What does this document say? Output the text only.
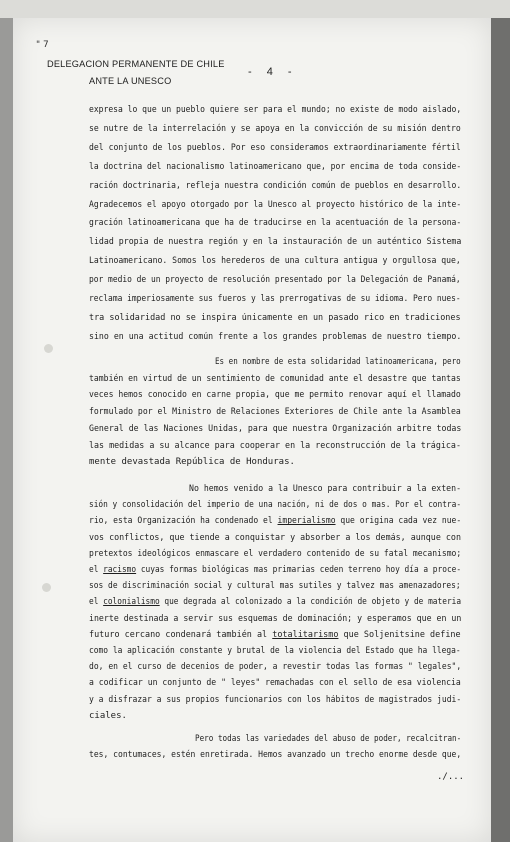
" 7
DELEGACION PERMANENTE DE CHILE
ANTE LA UNESCO
- 4 -
expresa lo que un pueblo quiere ser para el mundo; no existe de modo aislado,
se nutre de la interrelación y se apoya en la convicción de su misión dentro
del conjunto de los pueblos. Por eso consideramos extraordinariamente fértil
la doctrina del nacionalismo latinoamericano que, por encima de toda conside-
ración doctrinaria, refleja nuestra condición común de pueblos en desarrollo.
Agradecemos el apoyo otorgado por la Unesco al proyecto histórico de la inte-
gración latinoamericana que ha de traducirse en la acentuación de la persona-
lidad propia de nuestra región y en la instauración de un auténtico Sistema
Latinoamericano. Somos los herederos de una cultura antigua y orgullosa que,
por medio de un proyecto de resolución presentado por la Delegación de Panamá,
reclama imperiosamente sus fueros y las prerrogativas de su idioma. Pero nues-
tra solidaridad no se inspira únicamente en un pasado rico en tradiciones
sino en una actitud común frente a los grandes problemas de nuestro tiempo.
Es en nombre de esta solidaridad latinoamericana, pero
también en virtud de un sentimiento de comunidad ante el desastre que tantas
veces hemos conocido en carne propia, que me permito renovar aquí el llamado
formulado por el Ministro de Relaciones Exteriores de Chile ante la Asamblea
General de las Naciones Unidas, para que nuestra Organización arbitre todas
las medidas a su alcance para cooperar en la reconstrucción de la trágica-
mente devastada República de Honduras.
No hemos venido a la Unesco para contribuir a la exten-
sión y consolidación del imperio de una nación, ni de dos o mas. Por el contra-
rio, esta Organización ha condenado el imperialismo que origina cada vez nue-
vos conflictos, que tiende a conquistar y absorber a los demás, aunque con
pretextos ideológicos enmascare el verdadero contenido de su fatal mecanismo;
el racismo cuyas formas biológicas mas primarias ceden terreno hoy día a proce-
sos de discriminación social y cultural mas sutiles y talvez mas amenazadores;
el colonialismo que degrada al colonizado a la condición de objeto y de materia
inerte destinada a servir sus esquemas de dominación; y esperamos que en un
futuro cercano condenará también al totalitarismo que Soljenitsine define
como la aplicación constante y brutal de la violencia del Estado que ha llega-
do, en el curso de decenios de poder, a revestir todas las formas " legales",
a codificar un conjunto de " leyes" remachadas con el sello de esa violencia
y a disfrazar a sus propios funcionarios con los hábitos de magistrados judi-
ciales.
Pero todas las variedades del abuso de poder, recalcitran-
tes, contumaces, estén enretirada. Hemos avanzado un trecho enorme desde que,
./...
